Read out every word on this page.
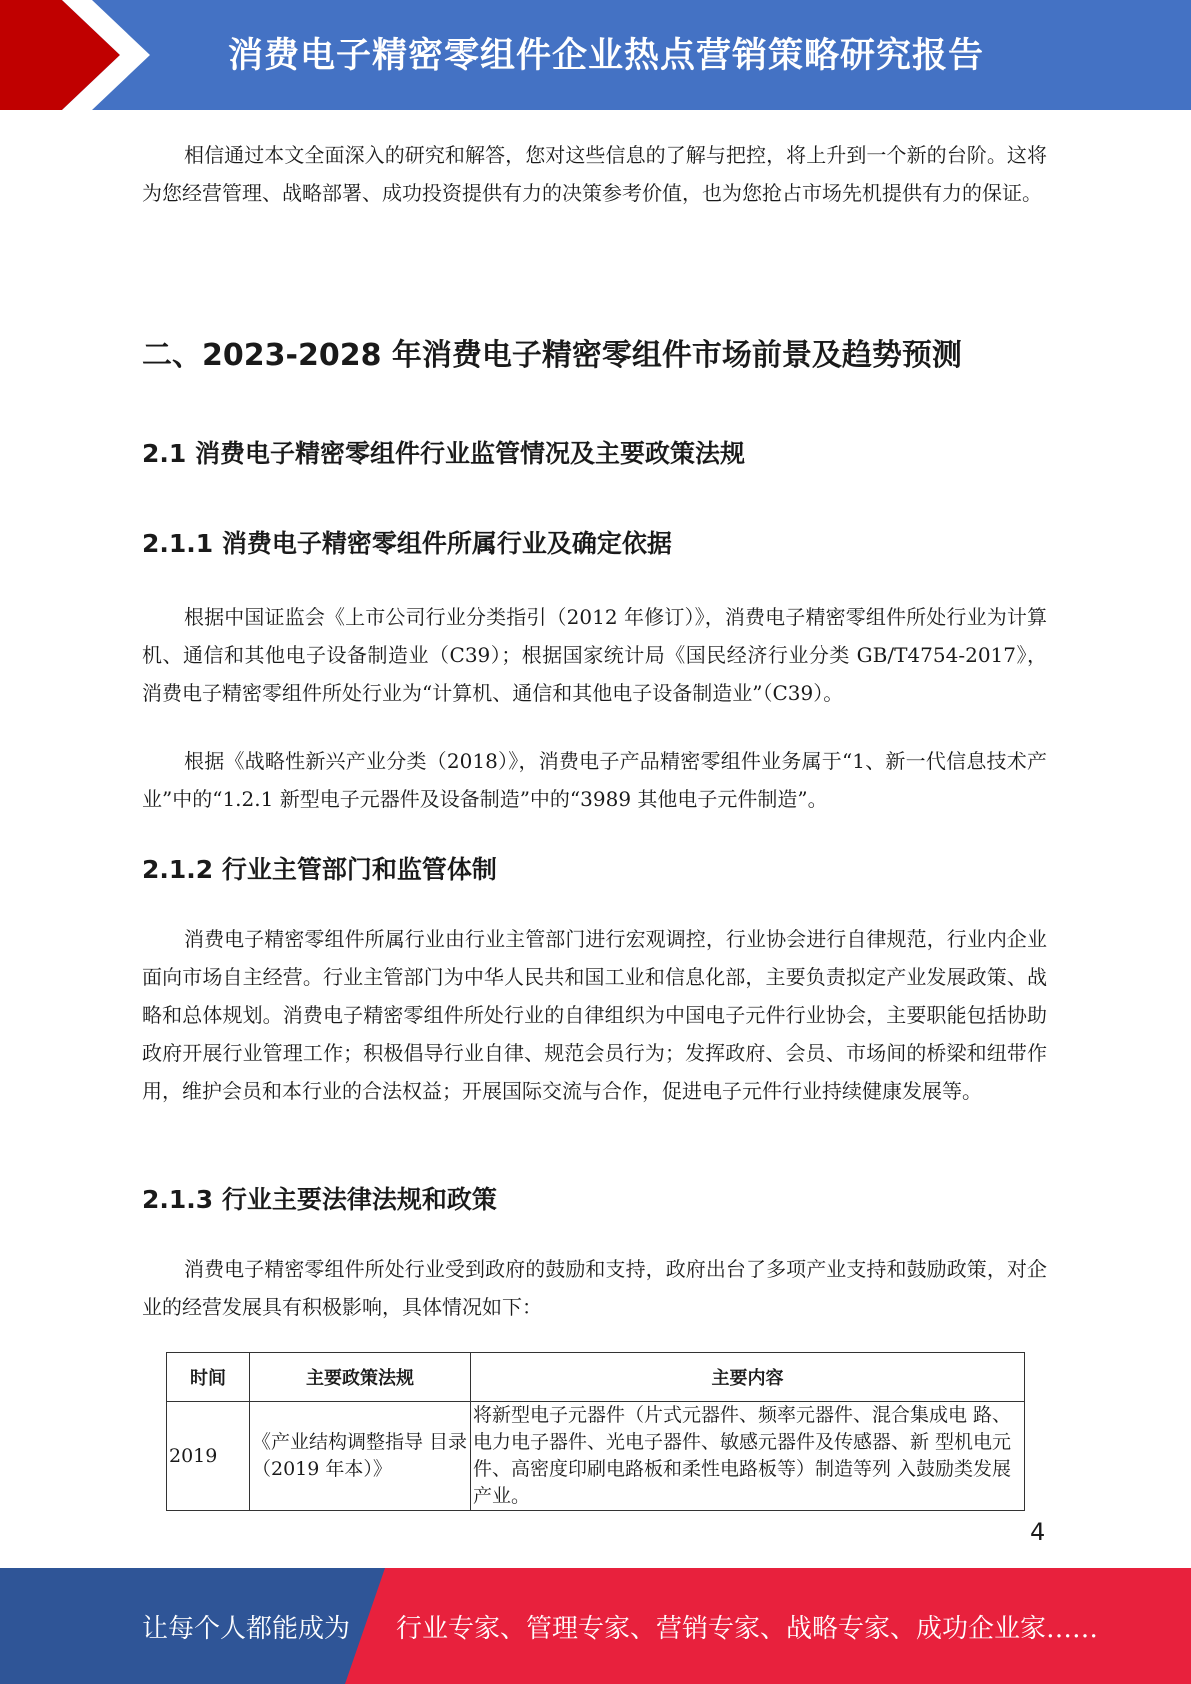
消费电子精密零组件企业热点营销策略研究报告

相信通过本文全面深入的研究和解答，您对这些信息的了解与把控，将上升到一个新的台阶。这将为您经营管理、战略部署、成功投资提供有力的决策参考价值，也为您抢占市场先机提供有力的保证。

二、2023-2028 年消费电子精密零组件市场前景及趋势预测
2.1 消费电子精密零组件行业监管情况及主要政策法规
2.1.1 消费电子精密零组件所属行业及确定依据

根据中国证监会《上市公司行业分类指引（2012 年修订）》，消费电子精密零组件所处行业为计算机、通信和其他电子设备制造业（C39）；根据国家统计局《国民经济行业分类 GB/T4754-2017》，消费电子精密零组件所处行业为“计算机、通信和其他电子设备制造业”（C39）。

根据《战略性新兴产业分类（2018）》，消费电子产品精密零组件业务属于“1、新一代信息技术产业”中的“1.2.1 新型电子元器件及设备制造”中的“3989 其他电子元件制造”。

2.1.2 行业主管部门和监管体制

消费电子精密零组件所属行业由行业主管部门进行宏观调控，行业协会进行自律规范，行业内企业面向市场自主经营。行业主管部门为中华人民共和国工业和信息化部，主要负责拟定产业发展政策、战略和总体规划。消费电子精密零组件所处行业的自律组织为中国电子元件行业协会，主要职能包括协助政府开展行业管理工作；积极倡导行业自律、规范会员行为；发挥政府、会员、市场间的桥梁和纽带作用，维护会员和本行业的合法权益；开展国际交流与合作，促进电子元件行业持续健康发展等。

2.1.3 行业主要法律法规和政策

消费电子精密零组件所处行业受到政府的鼓励和支持，政府出台了多项产业支持和鼓励政策，对企业的经营发展具有积极影响，具体情况如下：

时间	主要政策法规	主要内容
2019	《产业结构调整指导 目录（2019 年本）》	将新型电子元器件（片式元器件、频率元器件、混合集成电 路、电力电子器件、光电子器件、敏感元器件及传感器、新 型机电元件、高密度印刷电路板和柔性电路板等）制造等列 入鼓励类发展产业。
4
让每个人都能成为 行业专家、管理专家、营销专家、战略专家、成功企业家……
